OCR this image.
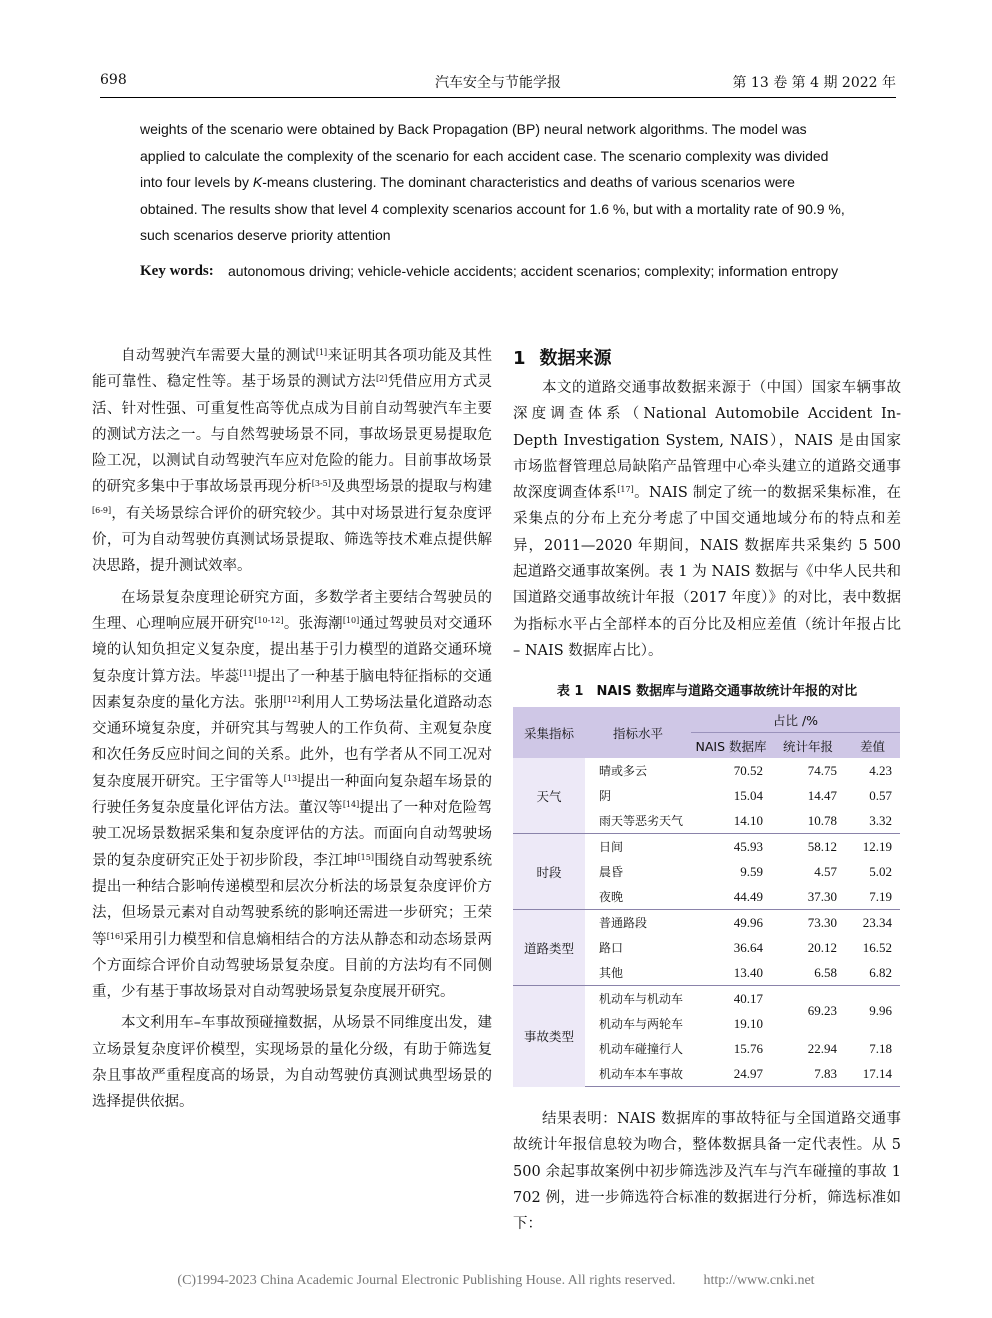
698	汽车安全与节能学报	第 13 卷 第 4 期 2022 年
weights of the scenario were obtained by Back Propagation (BP) neural network algorithms. The model was
applied to calculate the complexity of the scenario for each accident case. The scenario complexity was divided
into four levels by K-means clustering. The dominant characteristics and deaths of various scenarios were
obtained. The results show that level 4 complexity scenarios account for 1.6 %, but with a mortality rate of 90.9 %,
such scenarios deserve priority attention
Key words: autonomous driving; vehicle-vehicle accidents; accident scenarios; complexity; information entropy

自动驾驶汽车需要大量的测试[1]来证明其各项功能及其性能可靠性、稳定性等。基于场景的测试方法[2]凭借应用方式灵活、针对性强、可重复性高等优点成为目前自动驾驶汽车主要的测试方法之一。与自然驾驶场景不同，事故场景更易提取危险工况，以测试自动驾驶汽车应对危险的能力。目前事故场景的研究多集中于事故场景再现分析[3-5]及典型场景的提取与构建[6-9]，有关场景综合评价的研究较少。其中对场景进行复杂度评价，可为自动驾驶仿真测试场景提取、筛选等技术难点提供解决思路，提升测试效率。

在场景复杂度理论研究方面，多数学者主要结合驾驶员的生理、心理响应展开研究[10-12]。张海潮[10]通过驾驶员对交通环境的认知负担定义复杂度，提出基于引力模型的道路交通环境复杂度计算方法。毕蕊[11]提出了一种基于脑电特征指标的交通因素复杂度的量化方法。张朋[12]利用人工势场法量化道路动态交通环境复杂度，并研究其与驾驶人的工作负荷、主观复杂度和次任务反应时间之间的关系。此外，也有学者从不同工况对复杂度展开研究。王宇雷等人[13]提出一种面向复杂超车场景的行驶任务复杂度量化评估方法。董汉等[14]提出了一种对危险驾驶工况场景数据采集和复杂度评估的方法。而面向自动驾驶场景的复杂度研究正处于初步阶段，李江坤[15]围绕自动驾驶系统提出一种结合影响传递模型和层次分析法的场景复杂度评价方法，但场景元素对自动驾驶系统的影响还需进一步研究；王荣等[16]采用引力模型和信息熵相结合的方法从静态和动态场景两个方面综合评价自动驾驶场景复杂度。目前的方法均有不同侧重，少有基于事故场景对自动驾驶场景复杂度展开研究。

本文利用车–车事故预碰撞数据，从场景不同维度出发，建立场景复杂度评价模型，实现场景的量化分级，有助于筛选复杂且事故严重程度高的场景，为自动驾驶仿真测试典型场景的选择提供依据。

1 数据来源

本文的道路交通事故数据来源于（中国）国家车辆事故深度调查体系（National Automobile Accident In-Depth Investigation System, NAIS），NAIS 是由国家市场监督管理总局缺陷产品管理中心牵头建立的道路交通事故深度调查体系[17]。NAIS 制定了统一的数据采集标准，在采集点的分布上充分考虑了中国交通地域分布的特点和差异，2011—2020 年期间，NAIS 数据库共采集约 5 500 起道路交通事故案例。表 1 为 NAIS 数据与《中华人民共和国道路交通事故统计年报（2017 年度）》的对比，表中数据为指标水平占全部样本的百分比及相应差值（统计年报占比 – NAIS 数据库占比）。

表 1　NAIS 数据库与道路交通事故统计年报的对比
采集指标	指标水平	占比 /%		
		NAIS 数据库	统计年报	差值
天气	晴或多云	70.52	74.75	4.23
	阴	15.04	14.47	0.57
	雨天等恶劣天气	14.10	10.78	3.32
时段	日间	45.93	58.12	12.19
	晨昏	9.59	4.57	5.02
	夜晚	44.49	37.30	7.19
道路类型	普通路段	49.96	73.30	23.34
	路口	36.64	20.12	16.52
	其他	13.40	6.58	6.82
事故类型	机动车与机动车	40.17	69.23	9.96
	机动车与两轮车	19.10		
	机动车碰撞行人	15.76	22.94	7.18
	机动车本车事故	24.97	7.83	17.14

结果表明：NAIS 数据库的事故特征与全国道路交通事故统计年报信息较为吻合，整体数据具备一定代表性。从 5 500 余起事故案例中初步筛选涉及汽车与汽车碰撞的事故 1 702 例，进一步筛选符合标准的数据进行分析，筛选标准如下：

(C)1994-2023 China Academic Journal Electronic Publishing House. All rights reserved.　　http://www.cnki.net
